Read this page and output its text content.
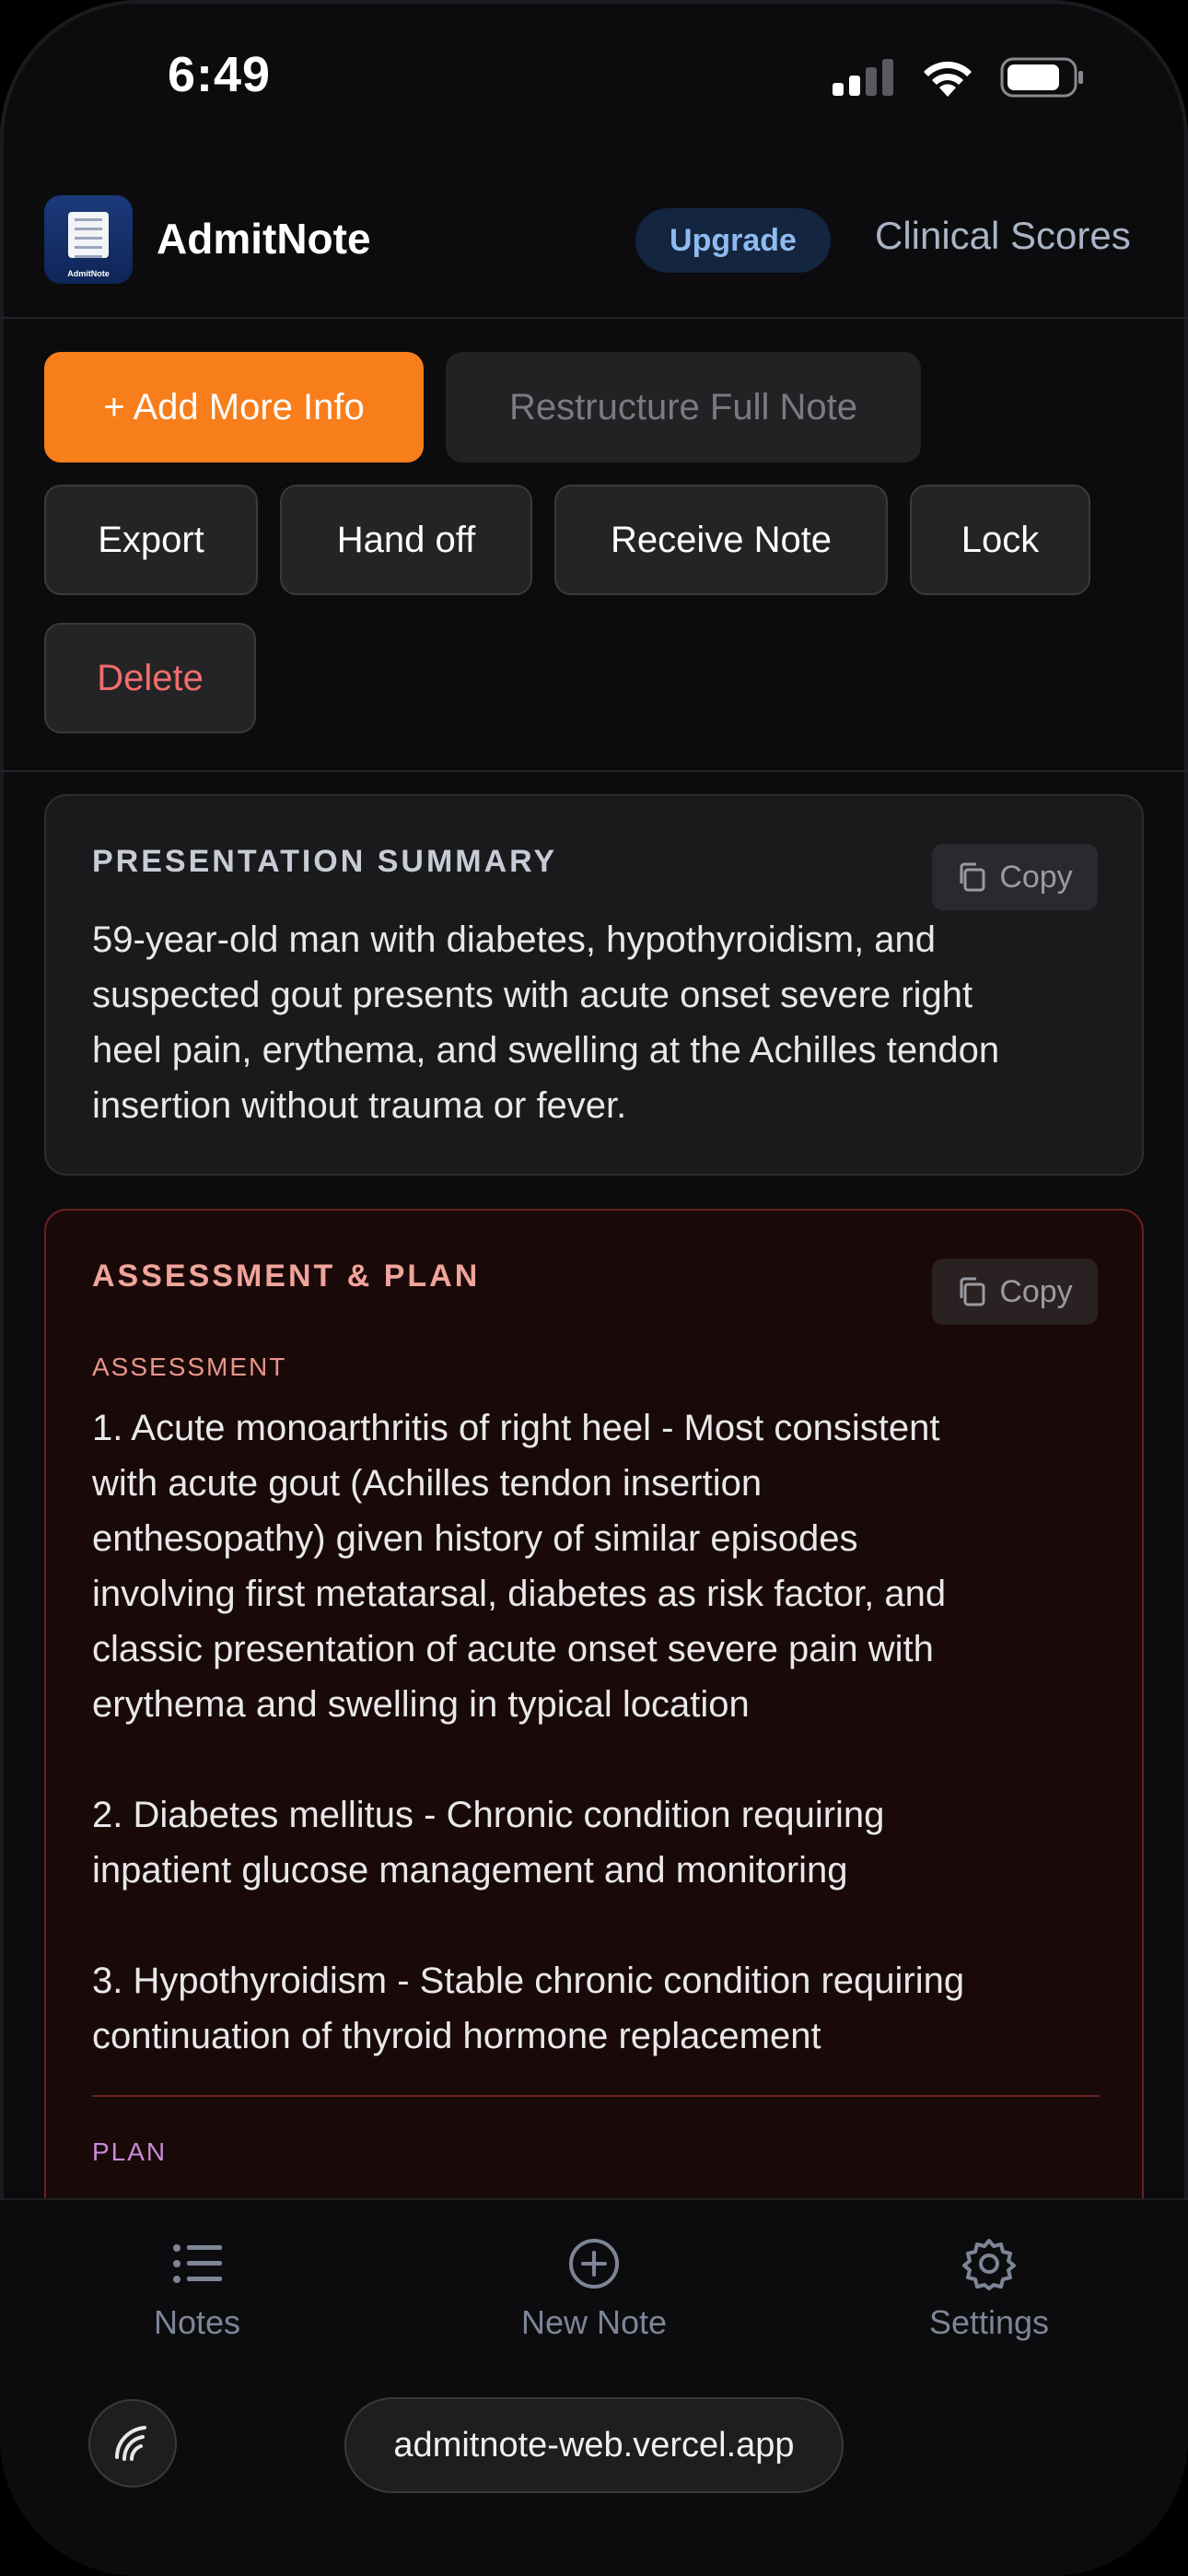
6:49
AdmitNote
AdmitNote	Upgrade	Clinical Scores
+ Add More Info	Restructure Full Note
Export	Hand off	Receive Note	Lock
Delete
PRESENTATION SUMMARY	Copy
59-year-old man with diabetes, hypothyroidism, and
suspected gout presents with acute onset severe right
heel pain, erythema, and swelling at the Achilles tendon
insertion without trauma or fever.
ASSESSMENT & PLAN	Copy
ASSESSMENT
1. Acute monoarthritis of right heel - Most consistent
with acute gout (Achilles tendon insertion
enthesopathy) given history of similar episodes
involving first metatarsal, diabetes as risk factor, and
classic presentation of acute onset severe pain with
erythema and swelling in typical location
2. Diabetes mellitus - Chronic condition requiring
inpatient glucose management and monitoring
3. Hypothyroidism - Stable chronic condition requiring
continuation of thyroid hormone replacement
PLAN
Notes	New Note	Settings
admitnote-web.vercel.app
